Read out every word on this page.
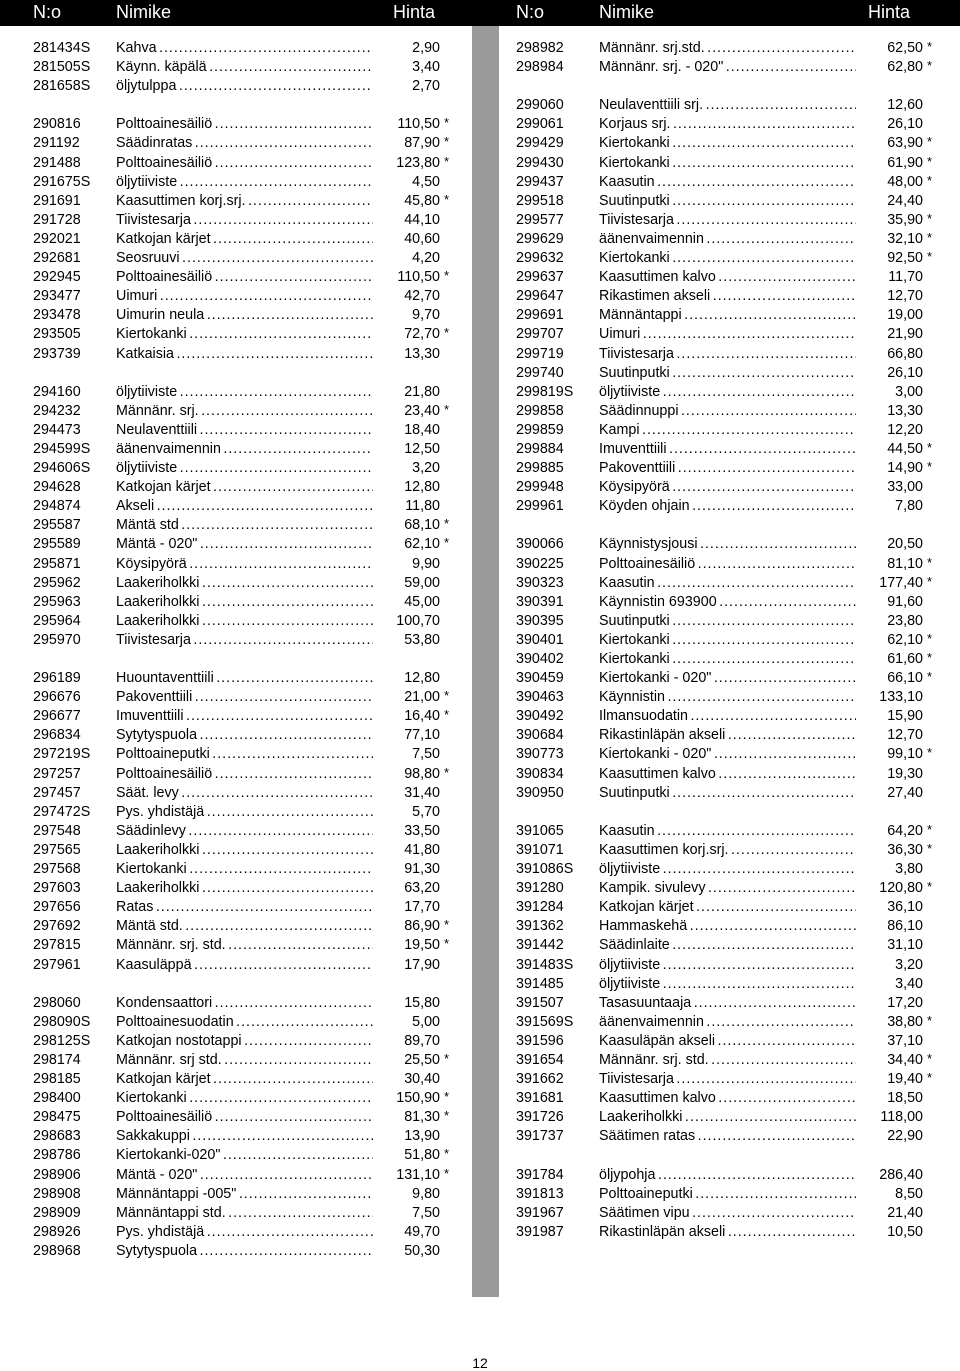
N:o	Nimike	Hinta	N:o	Nimike	Hinta
281434S Kahva . . .	2,90
281505S Käynn. käpälä . . .	3,40
281658S öljytulppa . . .	2,70
290816 Polttoainesäiliö . . .	110,50 *
291192	Säädinratas . . .	87,90 *
291488 Polttoainesäiliö . . .	123,80 *
291675S öljytiiviste . . .	4,50
291691 Kaasuttimen korj.srj. . . .	45,80 *
291728 Tiivistesarja . . .	44,10
292021 Katkojan kärjet . . .	40,60
292681 Seosruuvi . . .	4,20
292945 Polttoainesäiliö . . .	110,50 *
293477 Uimuri . . .	42,70
293478 Uimurin neula . . .	9,70
293505 Kiertokanki . . .	72,70 *
293739 Katkaisia . . .	13,30
294160 öljytiiviste . . .	21,80
294232 Männänr. srj. . . .	23,40 *
294473 Neulaventtiili . . .	18,40
294599S äänenvaimennin . . .	12,50
294606S öljytiiviste . . .	3,20
294628 Katkojan kärjet . . .	12,80
294874 Akseli . . .	11,80
295587 Mäntä std . . .	68,10 *
295589 Mäntä - 020" . . .	62,10 *
295871 Köysipyörä . . .	9,90
295962 Laakeriholkki . . .	59,00
295963 Laakeriholkki . . .	45,00
295964 Laakeriholkki . . .	100,70
295970 Tiivistesarja . . .	53,80
296189 Huountaventtiili . . .	12,80
296676 Pakoventtiili . . .	21,00 *
296677 Imuventtiili . . .	16,40 *
296834 Sytytyspuola . . .	77,10
297219S Polttoaineputki . . .	7,50
297257 Polttoainesäiliö . . .	98,80 *
297457 Säät. levy . . .	31,40
297472S Pys. yhdistäjä . . .	5,70
297548 Säädinlevy . . .	33,50
297565 Laakeriholkki . . .	41,80
297568 Kiertokanki . . .	91,30
297603 Laakeriholkki . . .	63,20
297656 Ratas . . .	17,70
297692 Mäntä std. . . .	86,90 *
297815 Männänr. srj. std. . . .	19,50 *
297961 Kaasuläppä . . .	17,90
298060 Kondensaattori . . .	15,80
298090S Polttoainesuodatin . . .	5,00
298125S Katkojan nostotappi . . .	89,70
298174 Männänr. srj std. . . .	25,50 *
298185 Katkojan kärjet . . .	30,40
298400 Kiertokanki . . .	150,90 *
298475 Polttoainesäiliö . . .	81,30 *
298683 Sakkakuppi . . .	13,90
298786 Kiertokanki-020" . . .	51,80 *
298906 Mäntä - 020" . . .	131,10 *
298908 Männäntappi -005" . . .	9,80
298909 Männäntappi std. . . .	7,50
298926 Pys. yhdistäjä . . .	49,70
298968 Sytytyspuola . . .	50,30
298982 Männänr. srj.std. . . .	62,50 *
298984 Männänr. srj. - 020" . . .	62,80 *
299060 Neulaventtiili srj. . . .	12,60
299061 Korjaus srj. . . .	26,10
299429 Kiertokanki . . .	63,90 *
299430 Kiertokanki . . .	61,90 *
299437 Kaasutin . . .	48,00 *
299518 Suutinputki . . .	24,40
299577 Tiivistesarja . . .	35,90 *
299629 äänenvaimennin . . .	32,10 *
299632 Kiertokanki . . .	92,50 *
299637 Kaasuttimen kalvo . . .	11,70
299647 Rikastimen akseli . . .	12,70
299691 Männäntappi . . .	19,00
299707 Uimuri . . .	21,90
299719 Tiivistesarja . . .	66,80
299740 Suutinputki . . .	26,10
299819S öljytiiviste . . .	3,00
299858 Säädinnuppi . . .	13,30
299859 Kampi . . .	12,20
299884 Imuventtiili . . .	44,50 *
299885 Pakoventtiili . . .	14,90 *
299948 Köysipyörä . . .	33,00
299961 Köyden ohjain . . .	7,80
390066 Käynnistysjousi . . .	20,50
390225 Polttoainesäiliö . . .	81,10 *
390323 Kaasutin . . .	177,40 *
390391 Käynnistin 693900 . . .	91,60
390395 Suutinputki . . .	23,80
390401 Kiertokanki . . .	62,10 *
390402 Kiertokanki . . .	61,60 *
390459 Kiertokanki - 020" . . .	66,10 *
390463 Käynnistin . . .	133,10
390492 Ilmansuodatin . . .	15,90
390684 Rikastinläpän akseli . . .	12,70
390773 Kiertokanki - 020" . . .	99,10 *
390834 Kaasuttimen kalvo . . .	19,30
390950 Suutinputki . . .	27,40
391065 Kaasutin . . .	64,20 *
391071 Kaasuttimen korj.srj. . . .	36,30 *
391086S öljytiiviste . . .	3,80
391280 Kampik. sivulevy . . .	120,80 *
391284 Katkojan kärjet . . .	36,10
391362 Hammaskehä . . .	86,10
391442 Säädinlaite . . .	31,10
391483S öljytiiviste . . .	3,20
391485 öljytiiviste . . .	3,40
391507 Tasasuuntaaja . . .	17,20
391569S äänenvaimennin . . .	38,80 *
391596 Kaasuläpän akseli . . .	37,10
391654 Männänr. srj. std. . . .	34,40 *
391662 Tiivistesarja . . .	19,40 *
391681 Kaasuttimen kalvo . . .	18,50
391726 Laakeriholkki . . .	118,00
391737 Säätimen ratas . . .	22,90
391784 öljypohja . . .	286,40
391813 Polttoaineputki . . .	8,50
391967 Säätimen vipu . . .	21,40
391987 Rikastinläpän akseli . . .	10,50
12
